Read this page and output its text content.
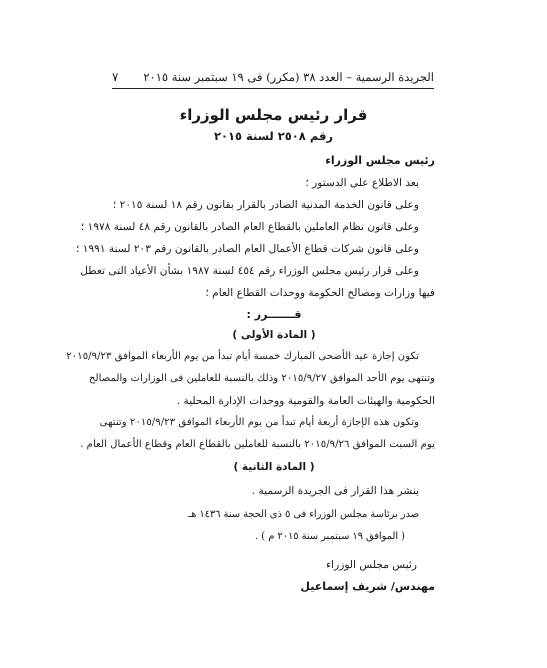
الجريدة الرسمية – العدد ٣٨ (مكرر) فى ١٩ سبتمبر سنة ٢٠١٥
٧
قرار رئيس مجلس الوزراء
رقم ٢٥٠٨ لسنة ٢٠١٥
رئيس مجلس الوزراء
بعد الاطلاع على الدستور ؛
وعلى قانون الخدمة المدنية الصادر بالقرار بقانون رقم ١٨ لسنة ٢٠١٥ ؛
وعلى قانون نظام العاملين بالقطاع العام الصادر بالقانون رقم ٤٨ لسنة ١٩٧٨ ؛
وعلى قانون شركات قطاع الأعمال العام الصادر بالقانون رقم ٢٠٣ لسنة ١٩٩١ ؛
وعلى قرار رئيس مجلس الوزراء رقم ٤٥٤ لسنة ١٩٨٧ بشأن الأعياد التى تعطل
فيها وزارات ومصالح الحكومة ووحدات القطاع العام ؛
قـــــــرر :
( المادة الأولى )
تكون إجازة عيد الأضحى المبارك خمسة أيام تبدأ من يوم الأربعاء الموافق ٢٠١٥/٩/٢٣
وتنتهى يوم الأحد الموافق ٢٠١٥/٩/٢٧ وذلك بالنسبة للعاملين فى الوزارات والمصالح
الحكومية والهيئات العامة والقومية ووحدات الإدارة المحلية .
وتكون هذه الإجازة أربعة أيام تبدأ من يوم الأربعاء الموافق ٢٠١٥/٩/٢٣ وتنتهى
يوم السبت الموافق ٢٠١٥/٩/٢٦ بالنسبة للعاملين بالقطاع العام وقطاع الأعمال العام .
( المادة الثانية )
ينشر هذا القرار فى الجريدة الرسمية .
صدر برئاسة مجلس الوزراء فى ٥ ذى الحجة سنة ١٤٣٦ هـ
( الموافق ١٩ سبتمبر سنة ٢٠١٥ م ) .
رئيس مجلس الوزراء
مهندس/ شريف إسماعيل
